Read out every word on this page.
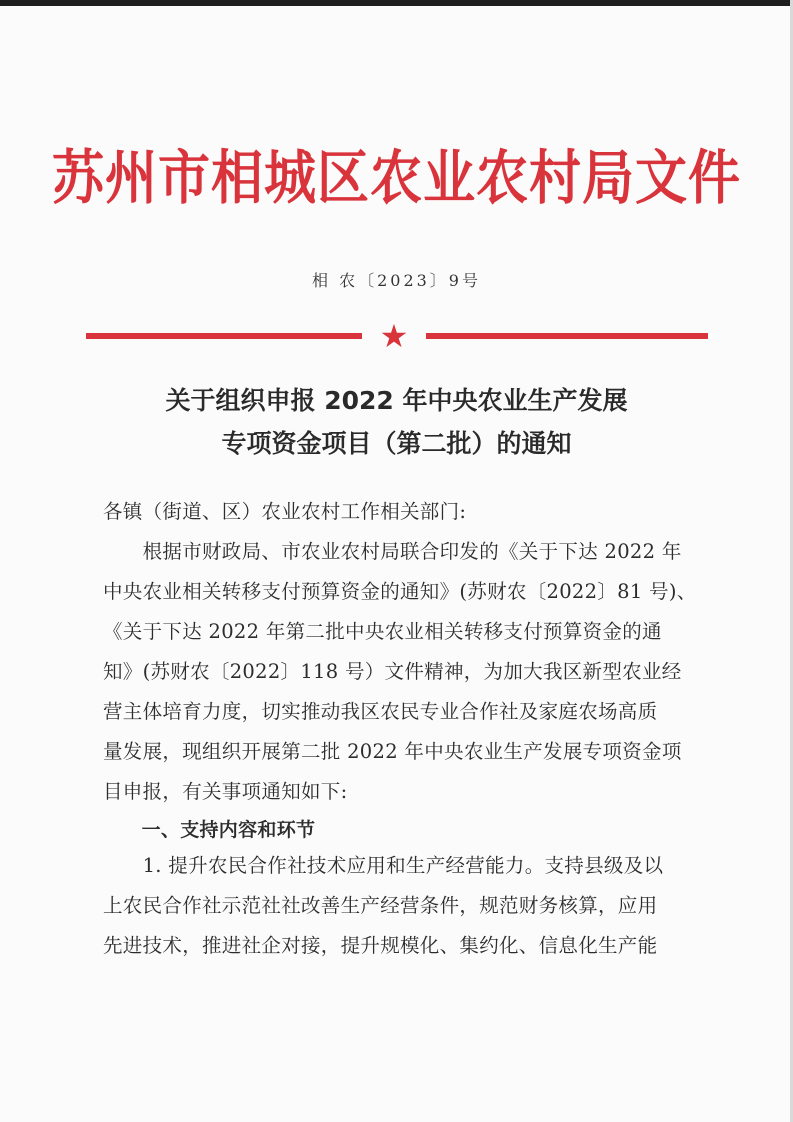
苏州市相城区农业农村局文件
相 农〔2023〕9号
★
关于组织申报 2022 年中央农业生产发展
专项资金项目（第二批）的通知
各镇（街道、区）农业农村工作相关部门:
　　根据市财政局、市农业农村局联合印发的《关于下达 2022 年
中央农业相关转移支付预算资金的通知》(苏财农〔2022〕81 号)、
《关于下达 2022 年第二批中央农业相关转移支付预算资金的通
知》(苏财农〔2022〕118 号）文件精神，为加大我区新型农业经
营主体培育力度，切实推动我区农民专业合作社及家庭农场高质
量发展，现组织开展第二批 2022 年中央农业生产发展专项资金项
目申报，有关事项通知如下:
　　一、支持内容和环节
　　1. 提升农民合作社技术应用和生产经营能力。支持县级及以
上农民合作社示范社社改善生产经营条件，规范财务核算，应用
先进技术，推进社企对接，提升规模化、集约化、信息化生产能
